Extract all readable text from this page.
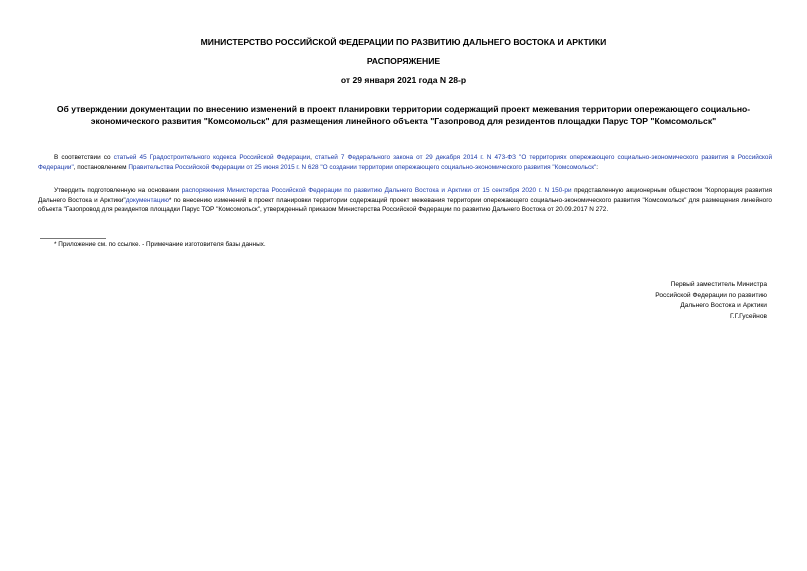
МИНИСТЕРСТВО РОССИЙСКОЙ ФЕДЕРАЦИИ ПО РАЗВИТИЮ ДАЛЬНЕГО ВОСТОКА И АРКТИКИ
РАСПОРЯЖЕНИЕ
от 29 января 2021 года N 28-р
Об утверждении документации по внесению изменений в проект планировки территории содержащий проект межевания территории опережающего социально-
экономического развития "Комсомольск" для размещения линейного объекта "Газопровод для резидентов площадки Парус ТОР "Комсомольск"
В соответствии со статьей 45 Градостроительного кодекса Российской Федерации, статьей 7 Федерального закона от 29 декабря 2014 г. N 473-ФЗ "О территориях опережающего социально-экономического развития в Российской Федерации", постановлением Правительства Российской Федерации от 25 июня 2015 г. N 628 "О создании территории опережающего социально-экономического развития "Комсомольск":
Утвердить подготовленную на основании распоряжения Министерства Российской Федерации по развитию Дальнего Востока и Арктики от 15 сентября 2020 г. N 150-ри представленную акционерным обществом "Корпорация развития Дальнего Востока и Арктики"документацию* по внесению изменений в проект планировки территории содержащий проект межевания территории опережающего социально-экономического развития "Комсомольск" для размещения линейного объекта "Газопровод для резидентов площадки Парус ТОР "Комсомольск", утвержденный приказом Министерства Российской Федерации по развитию Дальнего Востока от 20.09.2017 N 272.
* Приложение см. по ссылке. - Примечание изготовителя базы данных.
Первый заместитель Министра
Российской Федерации по развитию
Дальнего Востока и Арктики
Г.Г.Гусейнов
